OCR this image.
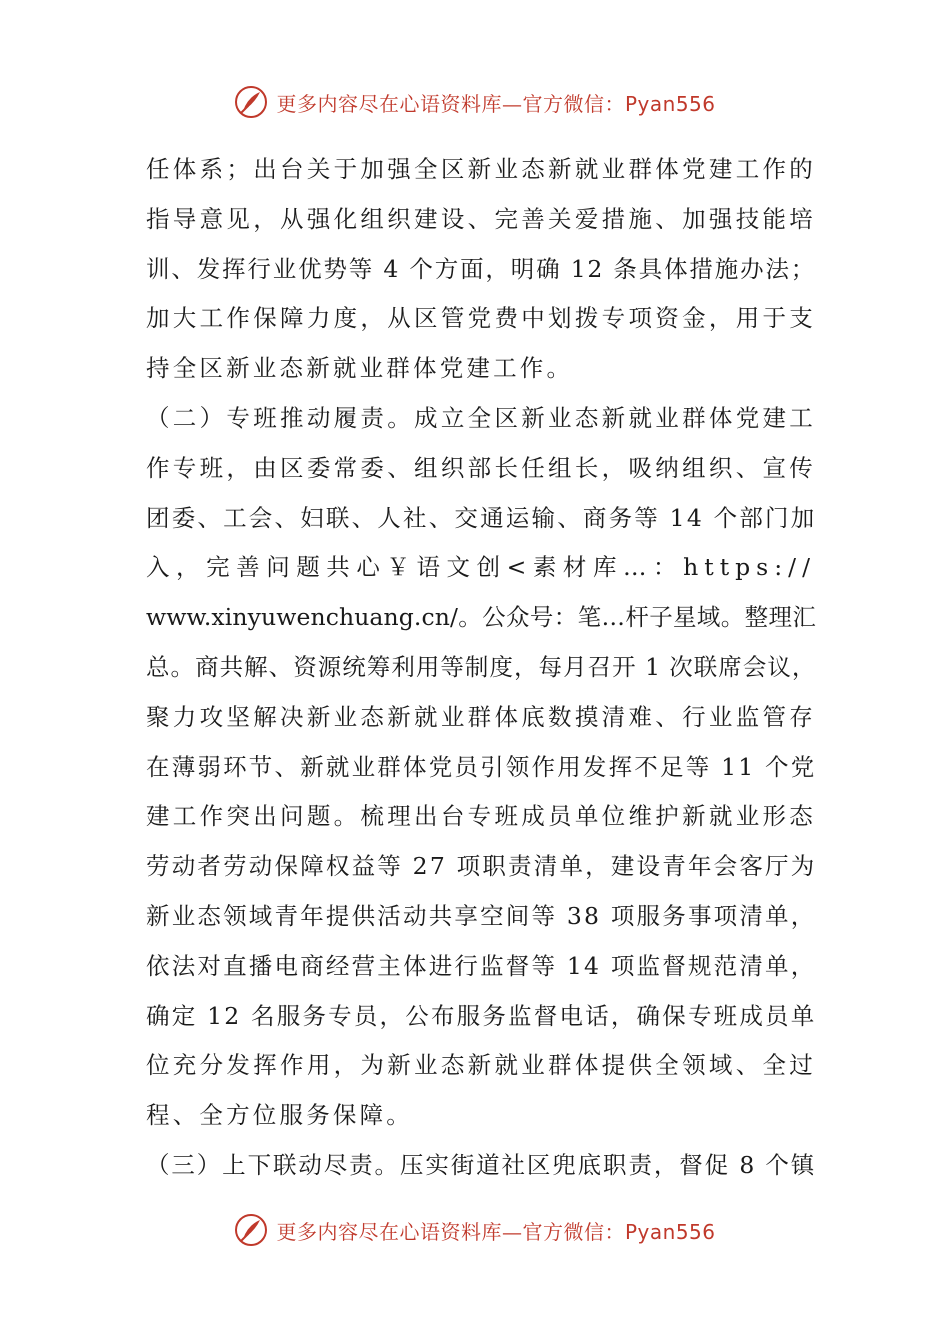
更多内容尽在心语资料库—官方微信：Pyan556
任体系；出台关于加强全区新业态新就业群体党建工作的
指导意见，从强化组织建设、完善关爱措施、加强技能培
训、发挥行业优势等 4 个方面，明确 12 条具体措施办法；
加大工作保障力度，从区管党费中划拨专项资金，用于支
持全区新业态新就业群体党建工作。
（二）专班推动履责。成立全区新业态新就业群体党建工
作专班，由区委常委、组织部长任组长，吸纳组织、宣传
团委、工会、妇联、人社、交通运输、商务等 14 个部门加
入，完善问题共心￥语文创<素材库…：https://
www.xinyuwenchuang.cn/。公众号：笔…杆子星域。整理汇
总。商共解、资源统筹利用等制度，每月召开 1 次联席会议，
聚力攻坚解决新业态新就业群体底数摸清难、行业监管存
在薄弱环节、新就业群体党员引领作用发挥不足等 11 个党
建工作突出问题。梳理出台专班成员单位维护新就业形态
劳动者劳动保障权益等 27 项职责清单，建设青年会客厅为
新业态领域青年提供活动共享空间等 38 项服务事项清单，
依法对直播电商经营主体进行监督等 14 项监督规范清单，
确定 12 名服务专员，公布服务监督电话，确保专班成员单
位充分发挥作用，为新业态新就业群体提供全领域、全过
程、全方位服务保障。
（三）上下联动尽责。压实街道社区兜底职责，督促 8 个镇
更多内容尽在心语资料库—官方微信：Pyan556
